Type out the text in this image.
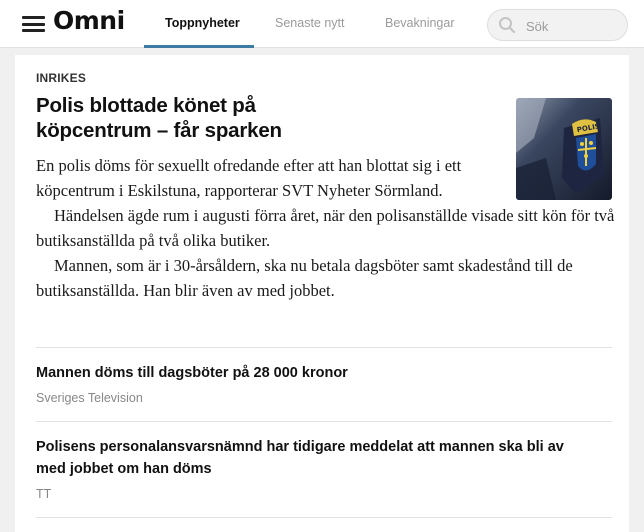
Omni	Toppnyheter	Senaste nytt	Bevakningar
Sök
INRIKES
Polis blottade könet på köpcentrum – får sparken	POLIS

En polis döms för sexuellt ofredande efter att han blottat sig i ett köpcentrum i Eskilstuna, rapporterar SVT Nyheter Sörmland.

Händelsen ägde rum i augusti förra året, när den polisanställde visade sitt kön för två butiksanställda på två olika butiker.

Mannen, som är i 30-årsåldern, ska nu betala dagsböter samt skadestånd till de butiksanställda. Han blir även av med jobbet.

Mannen döms till dagsböter på 28 000 kronor
Sveriges Television
Polisens personalansvarsnämnd har tidigare meddelat att mannen ska bli av med jobbet om han döms
TT
